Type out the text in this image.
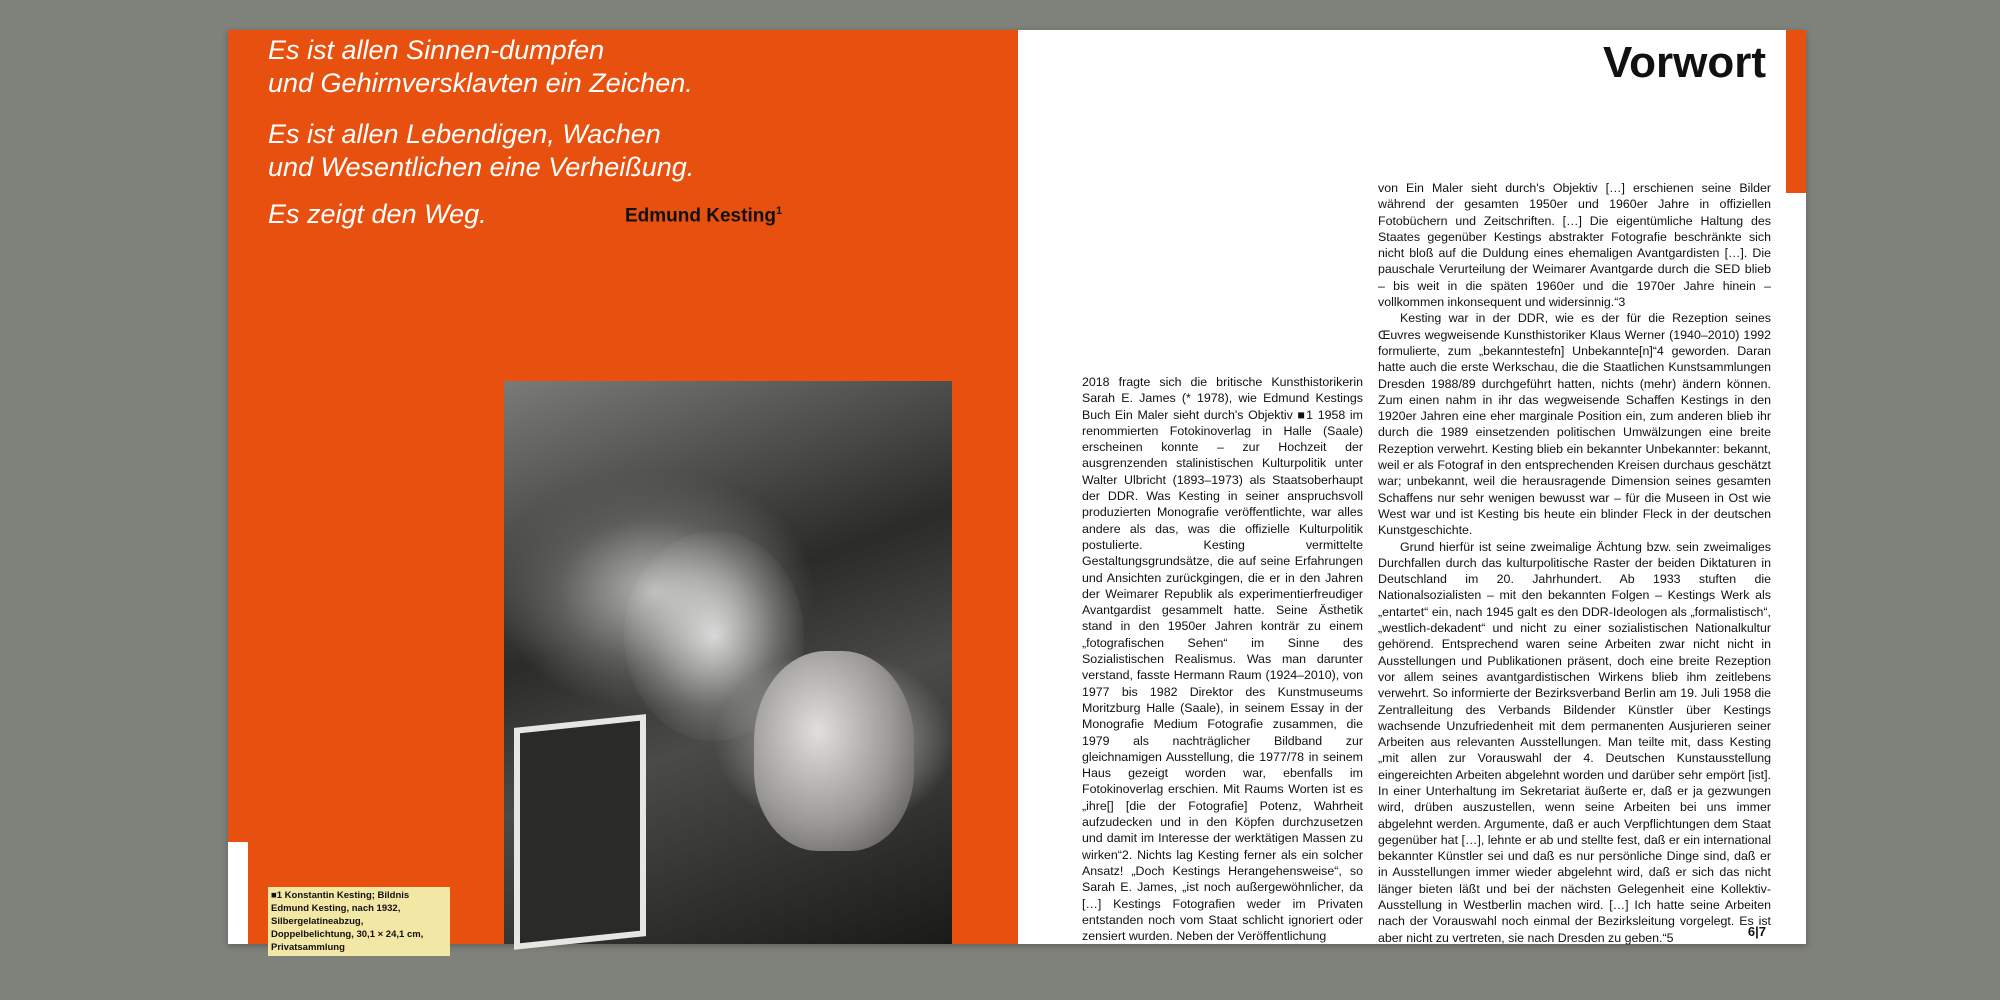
Es ist allen Sinnen-dumpfen
und Gehirnversklavten ein Zeichen.

Es ist allen Lebendigen, Wachen
und Wesentlichen eine Verheißung.

Es zeigt den Weg.	Edmund Kesting$^1$
■1 Konstantin Kesting; Bildnis Edmund Kesting, nach 1932, Silbergelatineabzug, Doppelbelichtung, 30,1 × 24,1 cm, Privatsammlung
Vorwort

2018 fragte sich die britische Kunsthistorikerin Sarah E. James (* 1978), wie Edmund Kestings Buch Ein Maler sieht durch's Objektiv ■1 1958 im renommierten Fotokinoverlag in Halle (Saale) erscheinen konnte – zur Hochzeit der ausgrenzenden stalinistischen Kulturpolitik unter Walter Ulbricht (1893–1973) als Staatsoberhaupt der DDR. Was Kesting in seiner anspruchsvoll produzierten Monografie veröffentlichte, war alles andere als das, was die offizielle Kulturpolitik postulierte. Kesting vermittelte Gestaltungsgrundsätze, die auf seine Erfahrungen und Ansichten zurückgingen, die er in den Jahren der Weimarer Republik als experimentierfreudiger Avantgardist gesammelt hatte. Seine Ästhetik stand in den 1950er Jahren konträr zu einem „fotografischen Sehen“ im Sinne des Sozialistischen Realismus. Was man darunter verstand, fasste Hermann Raum (1924–2010), von 1977 bis 1982 Direktor des Kunstmuseums Moritzburg Halle (Saale), in seinem Essay in der Monografie Medium Fotografie zusammen, die 1979 als nachträglicher Bildband zur gleichnamigen Ausstellung, die 1977/78 in seinem Haus gezeigt worden war, ebenfalls im Fotokinoverlag erschien. Mit Raums Worten ist es „ihre[] [die der Fotografie] Potenz, Wahrheit aufzudecken und in den Köpfen durchzusetzen und damit im Interesse der werktätigen Massen zu wirken“2. Nichts lag Kesting ferner als ein solcher Ansatz! „Doch Kestings Herangehensweise“, so Sarah E. James, „ist noch außergewöhnlicher, da […] Kestings Fotografien weder im Privaten entstanden noch vom Staat schlicht ignoriert oder zensiert wurden. Neben der Veröffentlichung

von Ein Maler sieht durch's Objektiv […] erschienen seine Bilder während der gesamten 1950er und 1960er Jahre in offiziellen Fotobüchern und Zeitschriften. […] Die eigentümliche Haltung des Staates gegenüber Kestings abstrakter Fotografie beschränkte sich nicht bloß auf die Duldung eines ehemaligen Avantgardisten […]. Die pauschale Verurteilung der Weimarer Avantgarde durch die SED blieb – bis weit in die späten 1960er und die 1970er Jahre hinein – vollkommen inkonsequent und widersinnig.“3

Kesting war in der DDR, wie es der für die Rezeption seines Œuvres wegweisende Kunsthistoriker Klaus Werner (1940–2010) 1992 formulierte, zum „bekanntestefn] Unbekannte[n]“4 geworden. Daran hatte auch die erste Werkschau, die die Staatlichen Kunstsammlungen Dresden 1988/89 durchgeführt hatten, nichts (mehr) ändern können. Zum einen nahm in ihr das wegweisende Schaffen Kestings in den 1920er Jahren eine eher marginale Position ein, zum anderen blieb ihr durch die 1989 einsetzenden politischen Umwälzungen eine breite Rezeption verwehrt. Kesting blieb ein bekannter Unbekannter: bekannt, weil er als Fotograf in den entsprechenden Kreisen durchaus geschätzt war; unbekannt, weil die herausragende Dimension seines gesamten Schaffens nur sehr wenigen bewusst war – für die Museen in Ost wie West war und ist Kesting bis heute ein blinder Fleck in der deutschen Kunstgeschichte.

Grund hierfür ist seine zweimalige Ächtung bzw. sein zweimaliges Durchfallen durch das kulturpolitische Raster der beiden Diktaturen in Deutschland im 20. Jahrhundert. Ab 1933 stuften die Nationalsozialisten – mit den bekannten Folgen – Kestings Werk als „entartet“ ein, nach 1945 galt es den DDR-Ideologen als „formalistisch“, „westlich-dekadent“ und nicht zu einer sozialistischen Nationalkultur gehörend. Entsprechend waren seine Arbeiten zwar nicht nicht in Ausstellungen und Publikationen präsent, doch eine breite Rezeption vor allem seines avantgardistischen Wirkens blieb ihm zeitlebens verwehrt. So informierte der Bezirksverband Berlin am 19. Juli 1958 die Zentralleitung des Verbands Bildender Künstler über Kestings wachsende Unzufriedenheit mit dem permanenten Ausjurieren seiner Arbeiten aus relevanten Ausstellungen. Man teilte mit, dass Kesting „mit allen zur Vorauswahl der 4. Deutschen Kunstausstellung eingereichten Arbeiten abgelehnt worden und darüber sehr empört [ist]. In einer Unterhaltung im Sekretariat äußerte er, daß er ja gezwungen wird, drüben auszustellen, wenn seine Arbeiten bei uns immer abgelehnt werden. Argumente, daß er auch Verpflichtungen dem Staat gegenüber hat […], lehnte er ab und stellte fest, daß er ein international bekannter Künstler sei und daß es nur persönliche Dinge sind, daß er in Ausstellungen immer wieder abgelehnt wird, daß er sich das nicht länger bieten läßt und bei der nächsten Gelegenheit eine Kollektiv-Ausstellung in Westberlin machen wird. […] Ich hatte seine Arbeiten nach der Vorauswahl noch einmal der Bezirksleitung vorgelegt. Es ist aber nicht zu vertreten, sie nach Dresden zu geben.“5	6|7
